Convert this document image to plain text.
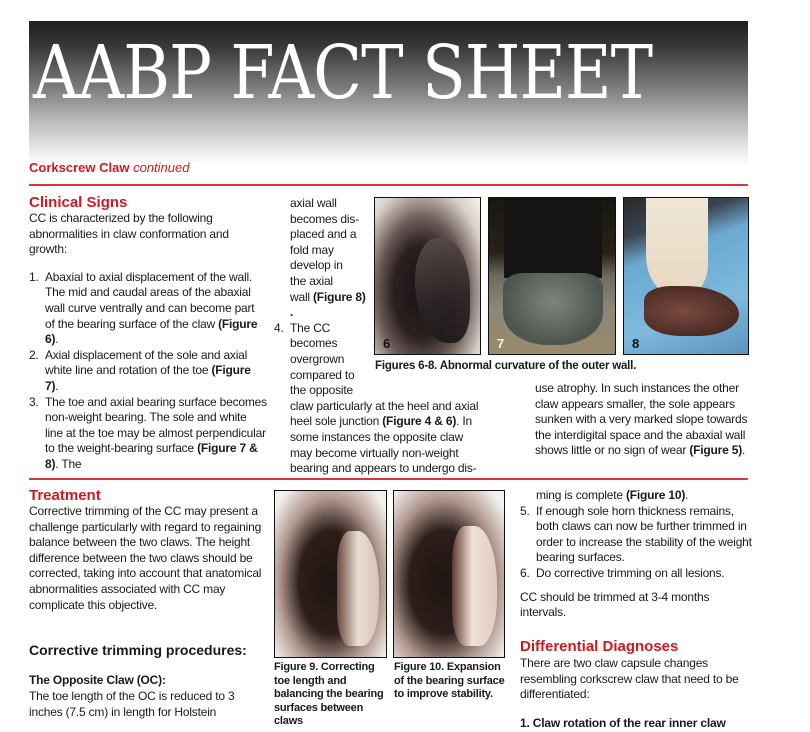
AABP FACT SHEET
Corkscrew Claw continued
Clinical Signs

CC is characterized by the following abnormalities in claw conformation and growth:

1. Abaxial to axial displacement of the wall. The mid and caudal areas of the abaxial wall curve ventrally and can become part of the bearing surface of the claw (Figure 6).
2. Axial displacement of the sole and axial white line and rotation of the toe (Figure 7).
3. The toe and axial bearing surface becomes non-weight bearing. The sole and white line at the toe may be almost perpendicular to the weight-bearing surface (Figure 7 & 8). The
axial wall
becomes dis-
placed and a
fold may
develop in
the axial
wall (Figure 8)
.
4. The CC
becomes
overgrown
compared to
the opposite
claw particularly at the heel and axial
heel sole junction (Figure 4 & 6). In
some instances the opposite claw
may become virtually non-weight
bearing and appears to undergo dis-
6	7	8
Figures 6-8. Abnormal curvature of the outer wall.
use atrophy. In such instances the other claw appears smaller, the sole appears sunken with a very marked slope towards the interdigital space and the abaxial wall shows little or no sign of wear (Figure 5).
Treatment
Corrective trimming of the CC may present a challenge particularly with regard to regaining balance between the two claws. The height difference between the two claws should be corrected, taking into account that anatomical abnormalities associated with CC may complicate this objective.
Corrective trimming procedures:
The Opposite Claw (OC):
The toe length of the OC is reduced to 3 inches (7.5 cm) in length for Holstein
Figure 9. Correcting toe length and balancing the bearing surfaces between claws
Figure 10. Expansion of the bearing surface to improve stability.
ming is complete (Figure 10).
5. If enough sole horn thickness remains, both claws can now be further trimmed in order to increase the stability of the weight bearing surfaces.
6. Do corrective trimming on all lesions.

CC should be trimmed at 3-4 months intervals.

Differential Diagnoses
There are two claw capsule changes resembling corkscrew claw that need to be differentiated:
1. Claw rotation of the rear inner claw
